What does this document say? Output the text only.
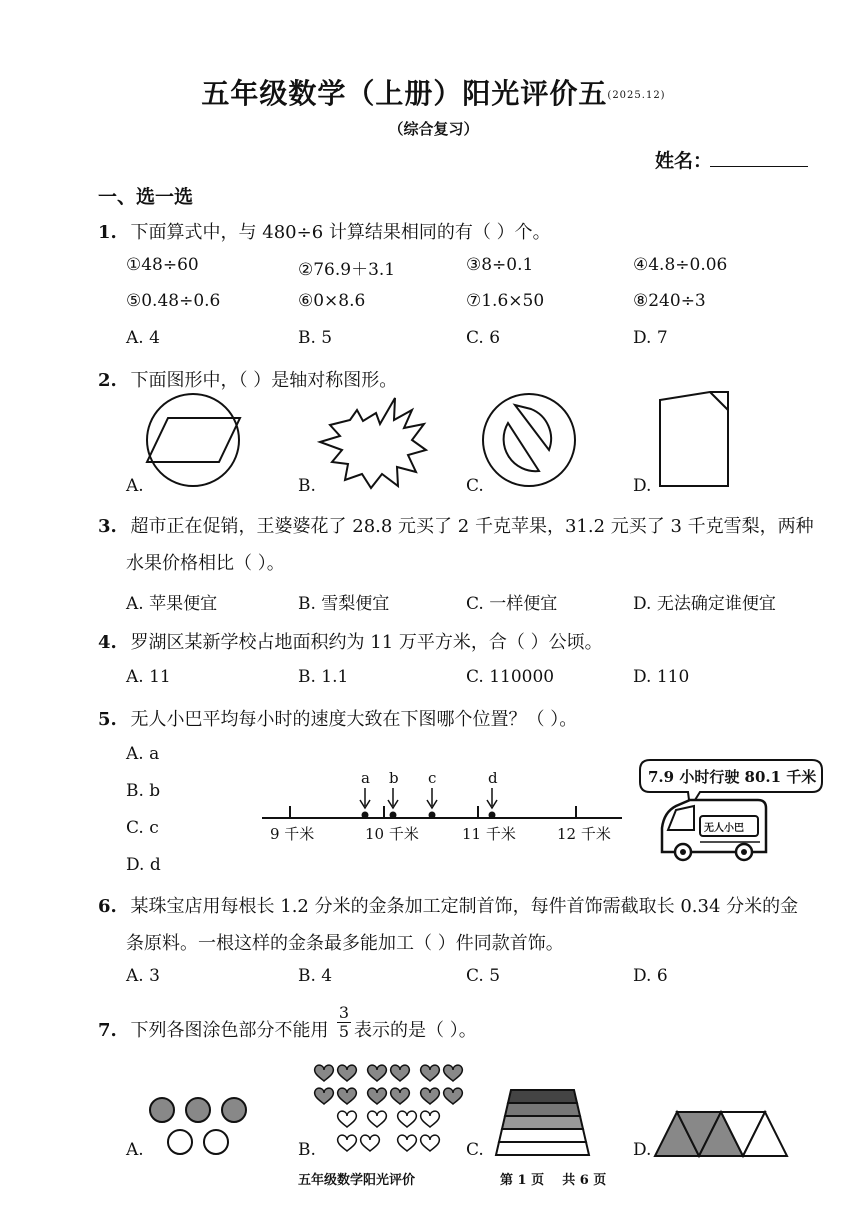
五年级数学（上册）阳光评价五(2025.12)
（综合复习）
姓名：
一、选一选
1. 下面算式中，与 480÷6 计算结果相同的有（ ）个。
①48÷60	②76.9＋3.1	③8÷0.1	④4.8÷0.06
⑤0.48÷0.6	⑥0×8.6	⑦1.6×50	⑧240÷3
A. 4	B. 5	C. 6	D. 7
2. 下面图形中，（ ）是轴对称图形。
A.	B.	C.	D.
3. 超市正在促销，王婆婆花了 28.8 元买了 2 千克苹果，31.2 元买了 3 千克雪梨，两种
水果价格相比（ ）。
A. 苹果便宜	B. 雪梨便宜	C. 一样便宜	D. 无法确定谁便宜
4. 罗湖区某新学校占地面积约为 11 万平方米，合（ ）公顷。
A. 11	B. 1.1	C. 110000	D. 110
5. 无人小巴平均每小时的速度大致在下图哪个位置？（ ）。
A. a
B. b
C. c
D. d
9 千米	10 千米	11 千米	12 千米
a b c	d	7.9 小时行驶 80.1 千米
无人小巴
6. 某珠宝店用每根长 1.2 分米的金条加工定制首饰，每件首饰需截取长 0.34 分米的金
条原料。一根这样的金条最多能加工（ ）件同款首饰。
A. 3	B. 4	C. 5	D. 6
7. 下列各图涂色部分不能用 $\frac{3}{5}$ 表示的是（ ）。
A.	B.	C.	D.
五年级数学阳光评价	第 1 页    共 6 页
